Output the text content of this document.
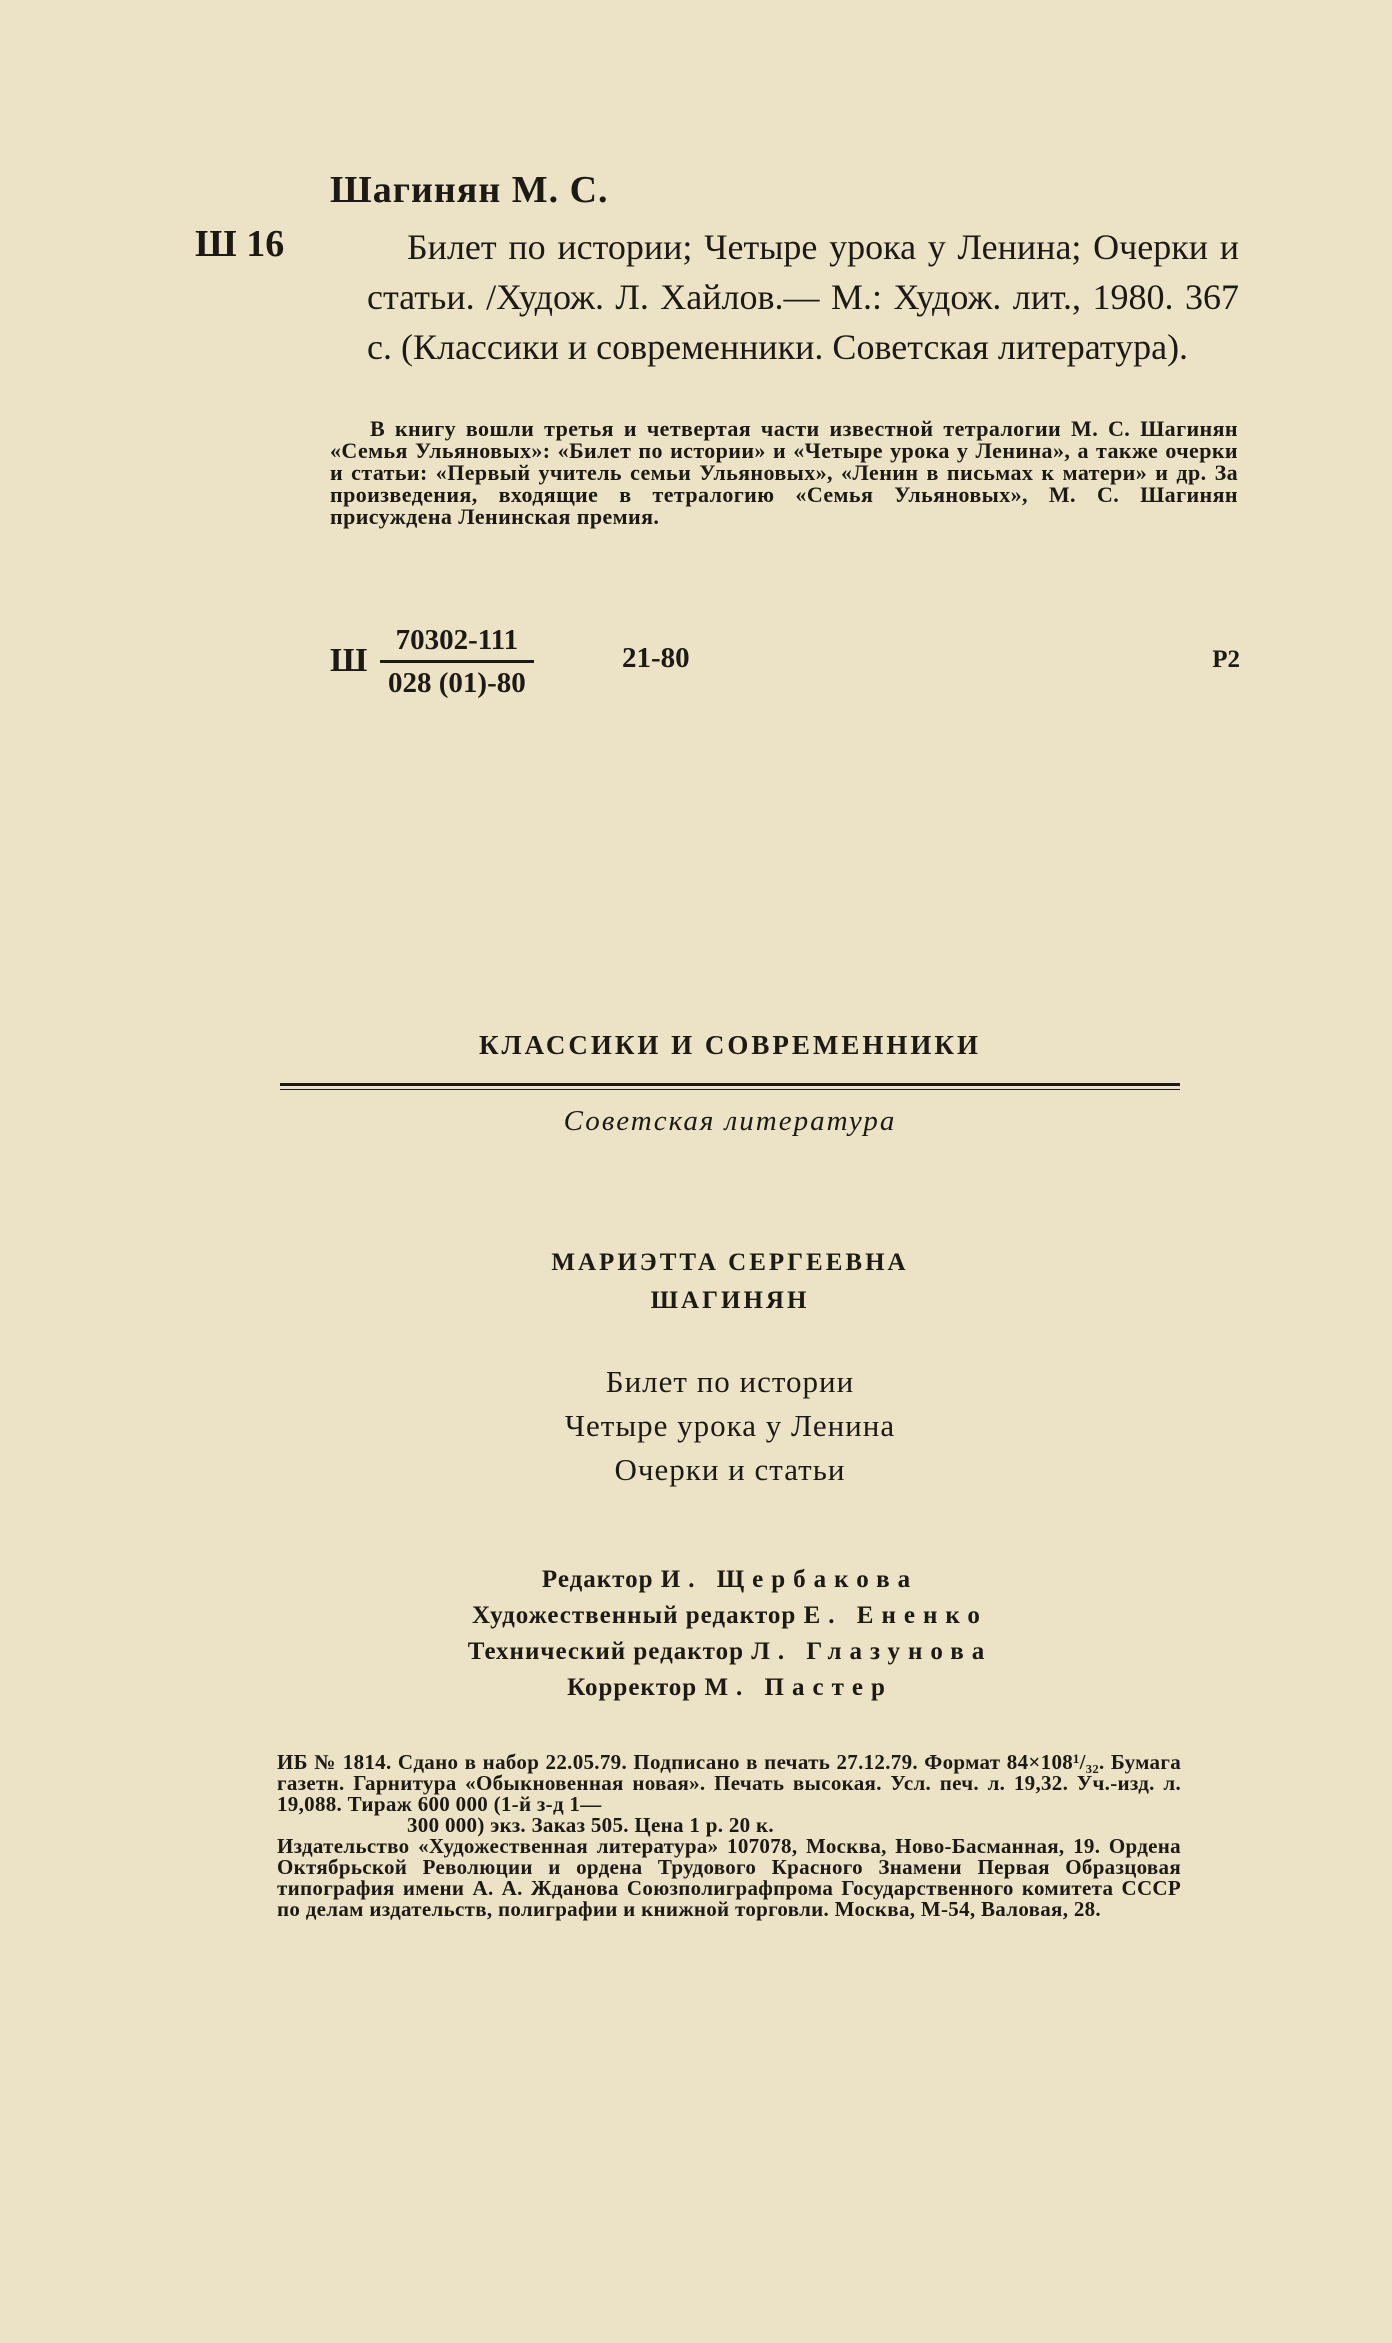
Шагинян М. С.
Ш 16	Билет по истории; Четыре урока у Ленина; Очерки и статьи. /Худож. Л. Хайлов.— М.: Худож. лит., 1980. 367 с. (Классики и современники. Советская литература).
В книгу вошли третья и четвертая части известной тетралогии М. С. Шагинян «Семья Ульяновых»: «Билет по истории» и «Четыре урока у Ленина», а также очерки и статьи: «Первый учитель семьи Ульяновых», «Ленин в письмах к матери» и др. За произведения, входящие в тетралогию «Семья Ульяновых», М. С. Шагинян присуждена Ленинская премия.
Ш $\frac{70302-111}{028 (01)-80}$	21-80	Р2
КЛАССИКИ И СОВРЕМЕННИКИ
Советская литература
МАРИЭТТА СЕРГЕЕВНА
ШАГИНЯН
Билет по истории
Четыре урока у Ленина
Очерки и статьи
Редактор И. Щербакова
Художественный редактор Е. Ененко
Технический редактор Л. Глазунова
Корректор М. Пастер

ИБ № 1814. Сдано в набор 22.05.79. Подписано в печать 27.12.79. Формат 84×108¹/₃₂. Бумага газетн. Гарнитура «Обыкновенная новая». Печать высокая. Усл. печ. л. 19,32. Уч.-изд. л. 19,088. Тираж 600 000 (1-й з-д 1—

300 000) экз. Заказ 505. Цена 1 р. 20 к.

Издательство «Художественная литература» 107078, Москва, Ново-Басманная, 19. Ордена Октябрьской Революции и ордена Трудового Красного Знамени Первая Образцовая типография имени А. А. Жданова Союзполиграфпрома Государственного комитета СССР по делам издательств, полиграфии и книжной торговли. Москва, М-54, Валовая, 28.
